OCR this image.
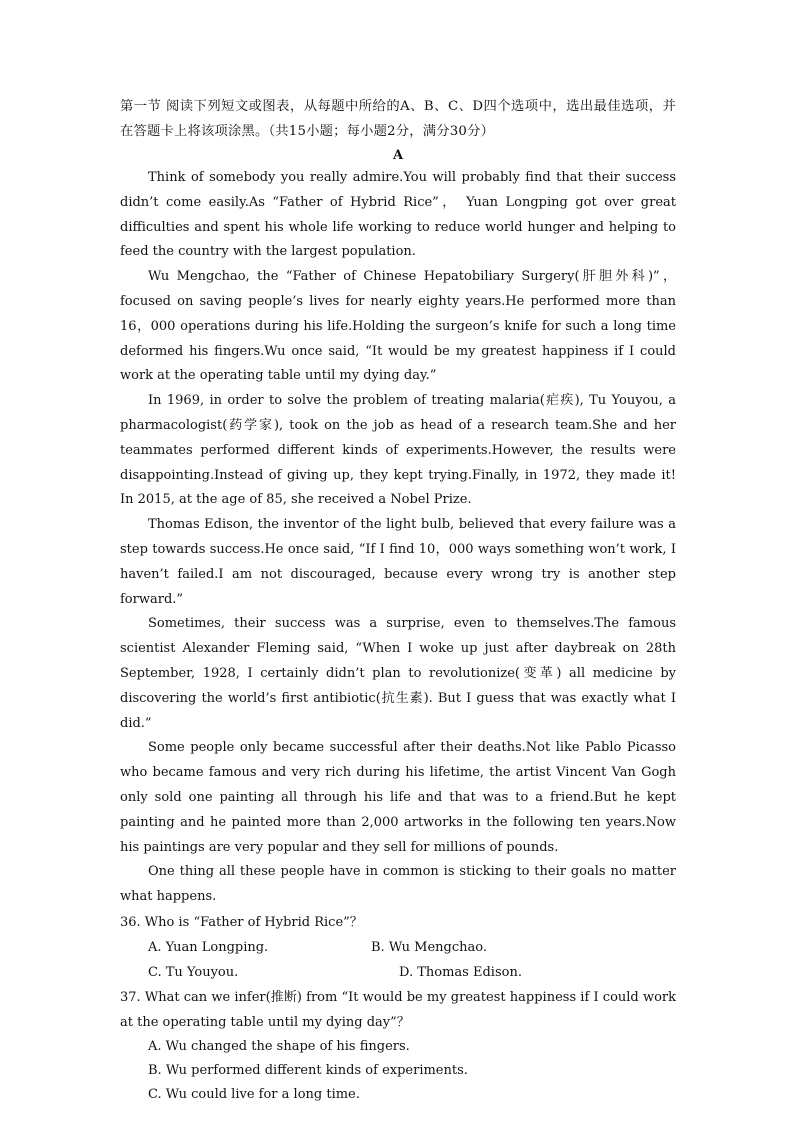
第一节 阅读下列短文或图表，从每题中所给的A、B、C、D四个选项中，选出最佳选项，并在答题卡上将该项涂黑。（共15小题；每小题2分，满分30分）
A

Think of somebody you really admire.You will probably find that their success didn’t come easily.As “Father of Hybrid Rice”， Yuan Longping got over great difficulties and spent his whole life working to reduce world hunger and helping to feed the country with the largest population.

Wu Mengchao, the “Father of Chinese Hepatobiliary Surgery(肝胆外科)”， focused on saving people’s lives for nearly eighty years.He performed more than 16，000 operations during his life.Holding the surgeon’s knife for such a long time deformed his fingers.Wu once said, “It would be my greatest happiness if I could work at the operating table until my dying day.”

In 1969, in order to solve the problem of treating malaria(疟疾), Tu Youyou, a pharmacologist(药学家), took on the job as head of a research team.She and her teammates performed different kinds of experiments.However, the results were disappointing.Instead of giving up, they kept trying.Finally, in 1972, they made it! In 2015, at the age of 85, she received a Nobel Prize.

Thomas Edison, the inventor of the light bulb, believed that every failure was a step towards success.He once said, “If I find 10，000 ways something won’t work, I haven’t failed.I am not discouraged, because every wrong try is another step forward.”

Sometimes, their success was a surprise, even to themselves.The famous scientist Alexander Fleming said, “When I woke up just after daybreak on 28th September, 1928, I certainly didn’t plan to revolutionize(变革) all medicine by discovering the world’s first antibiotic(抗生素). But I guess that was exactly what I did.”

Some people only became successful after their deaths.Not like Pablo Picasso who became famous and very rich during his lifetime, the artist Vincent Van Gogh only sold one painting all through his life and that was to a friend.But he kept painting and he painted more than 2,000 artworks in the following ten years.Now his paintings are very popular and they sell for millions of pounds.

One thing all these people have in common is sticking to their goals no matter what happens.

36. Who is “Father of Hybrid Rice”？

A. Yuan Longping.	B. Wu Mengchao.
C. Tu Youyou.	D. Thomas Edison.

37. What can we infer(推断) from “It would be my greatest happiness if I could work at the operating table until my dying day”？

A. Wu changed the shape of his fingers.
B. Wu performed different kinds of experiments.
C. Wu could live for a long time.
